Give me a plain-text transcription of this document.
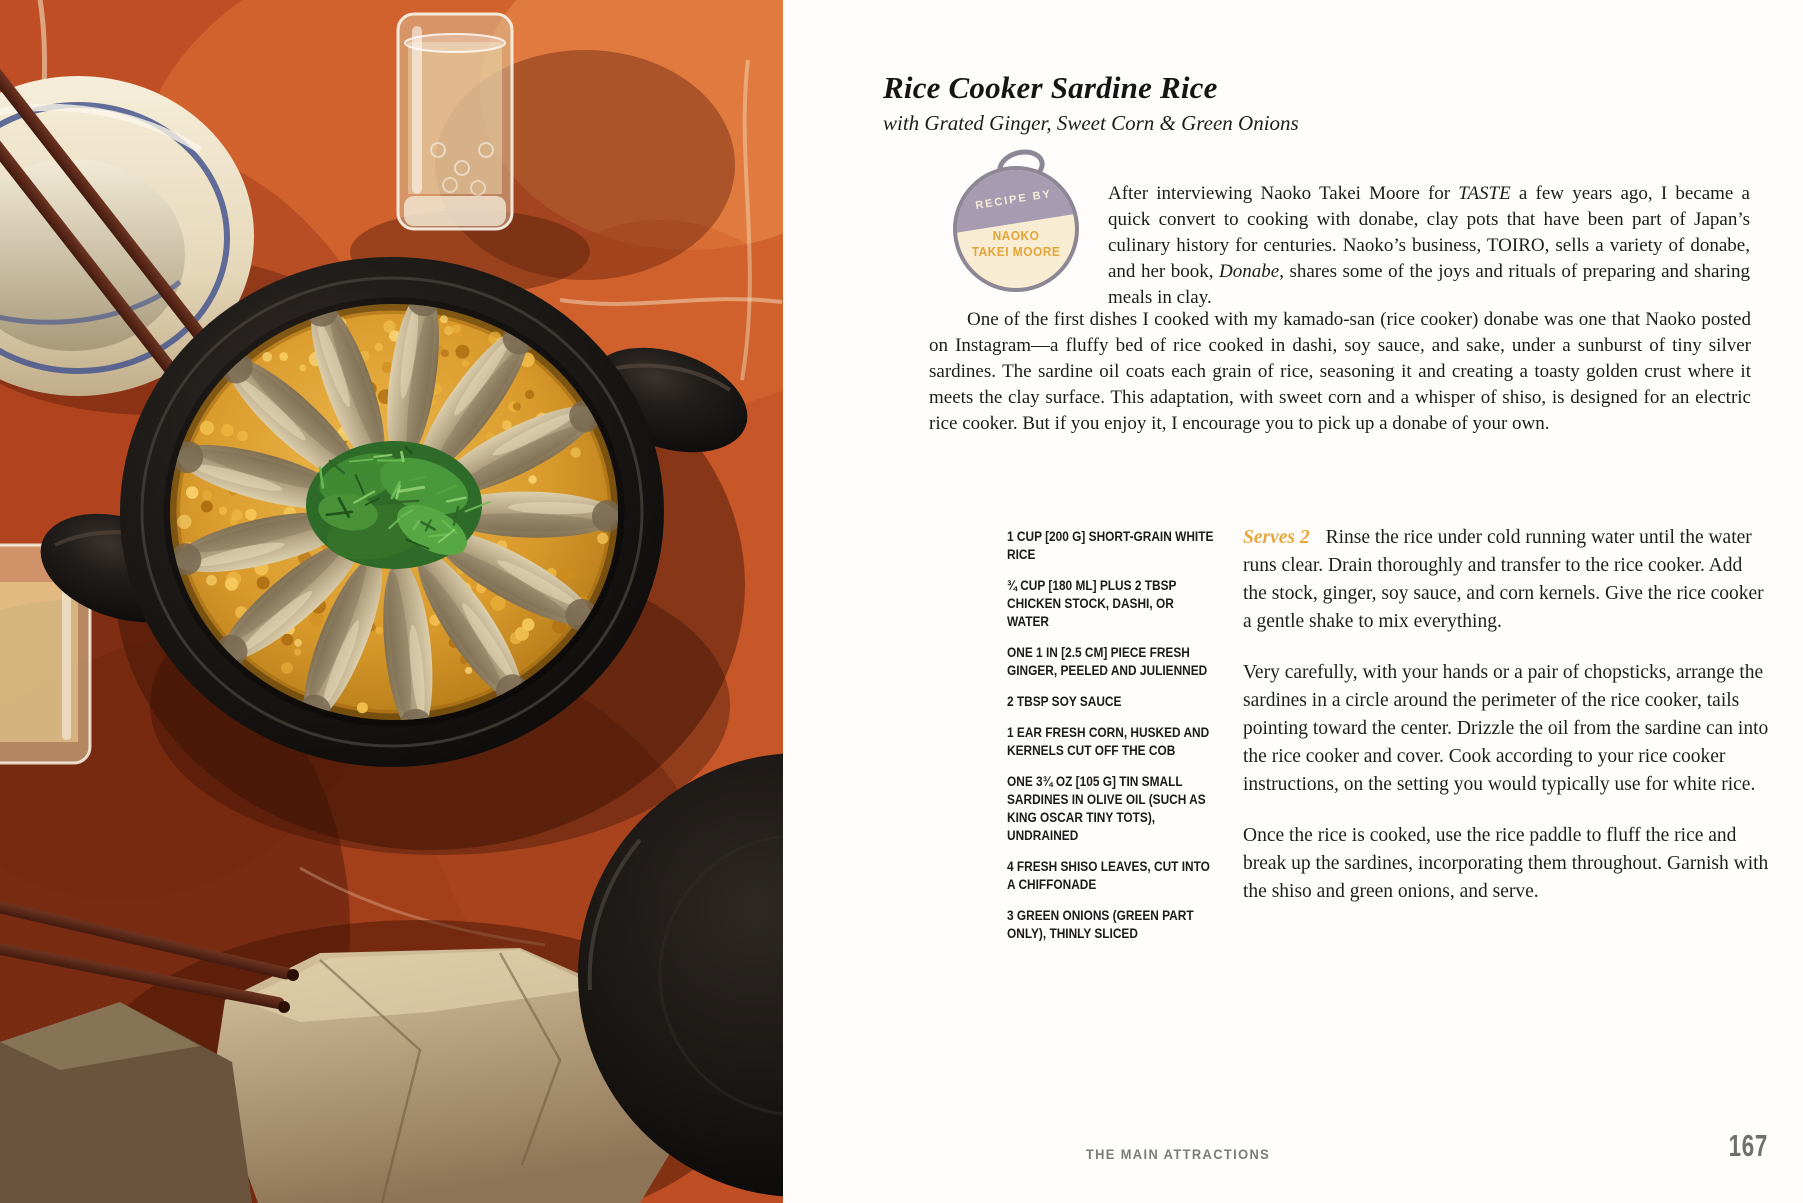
Rice Cooker Sardine Rice
with Grated Ginger, Sweet Corn & Green Onions
RECIPE BY
NAOKO
TAKEI MOORE

After interviewing Naoko Takei Moore for TASTE a few years ago, I became a quick convert to cooking with donabe, clay pots that have been part of Japan’s culinary history for centuries. Naoko’s business, TOIRO, sells a variety of donabe, and her book, Donabe, shares some of the joys and rituals of preparing and sharing meals in clay.

One of the first dishes I cooked with my kamado-san (rice cooker) donabe was one that Naoko posted on Instagram—a fluffy bed of rice cooked in dashi, soy sauce, and sake, under a sunburst of tiny silver sardines. The sardine oil coats each grain of rice, seasoning it and creating a toasty golden crust where it meets the clay surface. This adaptation, with sweet corn and a whisper of shiso, is designed for an electric rice cooker. But if you enjoy it, I encourage you to pick up a donabe of your own.

1 CUP [200 G] SHORT-GRAIN WHITE RICE

¾ CUP [180 ML] PLUS 2 TBSP CHICKEN STOCK, DASHI, OR WATER

ONE 1 IN [2.5 CM] PIECE FRESH GINGER, PEELED AND JULIENNED

2 TBSP SOY SAUCE

1 EAR FRESH CORN, HUSKED AND KERNELS CUT OFF THE COB

ONE 3¾ OZ [105 G] TIN SMALL SARDINES IN OLIVE OIL (SUCH AS KING OSCAR TINY TOTS), UNDRAINED

4 FRESH SHISO LEAVES, CUT INTO A CHIFFONADE

3 GREEN ONIONS (GREEN PART ONLY), THINLY SLICED

Serves 2 Rinse the rice under cold running water until the water runs clear. Drain thoroughly and transfer to the rice cooker. Add the stock, ginger, soy sauce, and corn kernels. Give the rice cooker a gentle shake to mix everything.

Very carefully, with your hands or a pair of chopsticks, arrange the sardines in a circle around the perimeter of the rice cooker, tails pointing toward the center. Drizzle the oil from the sardine can into the rice cooker and cover. Cook according to your rice cooker instructions, on the setting you would typically use for white rice.

Once the rice is cooked, use the rice paddle to fluff the rice and break up the sardines, incorporating them throughout. Garnish with the shiso and green onions, and serve.

THE MAIN ATTRACTIONS	167
